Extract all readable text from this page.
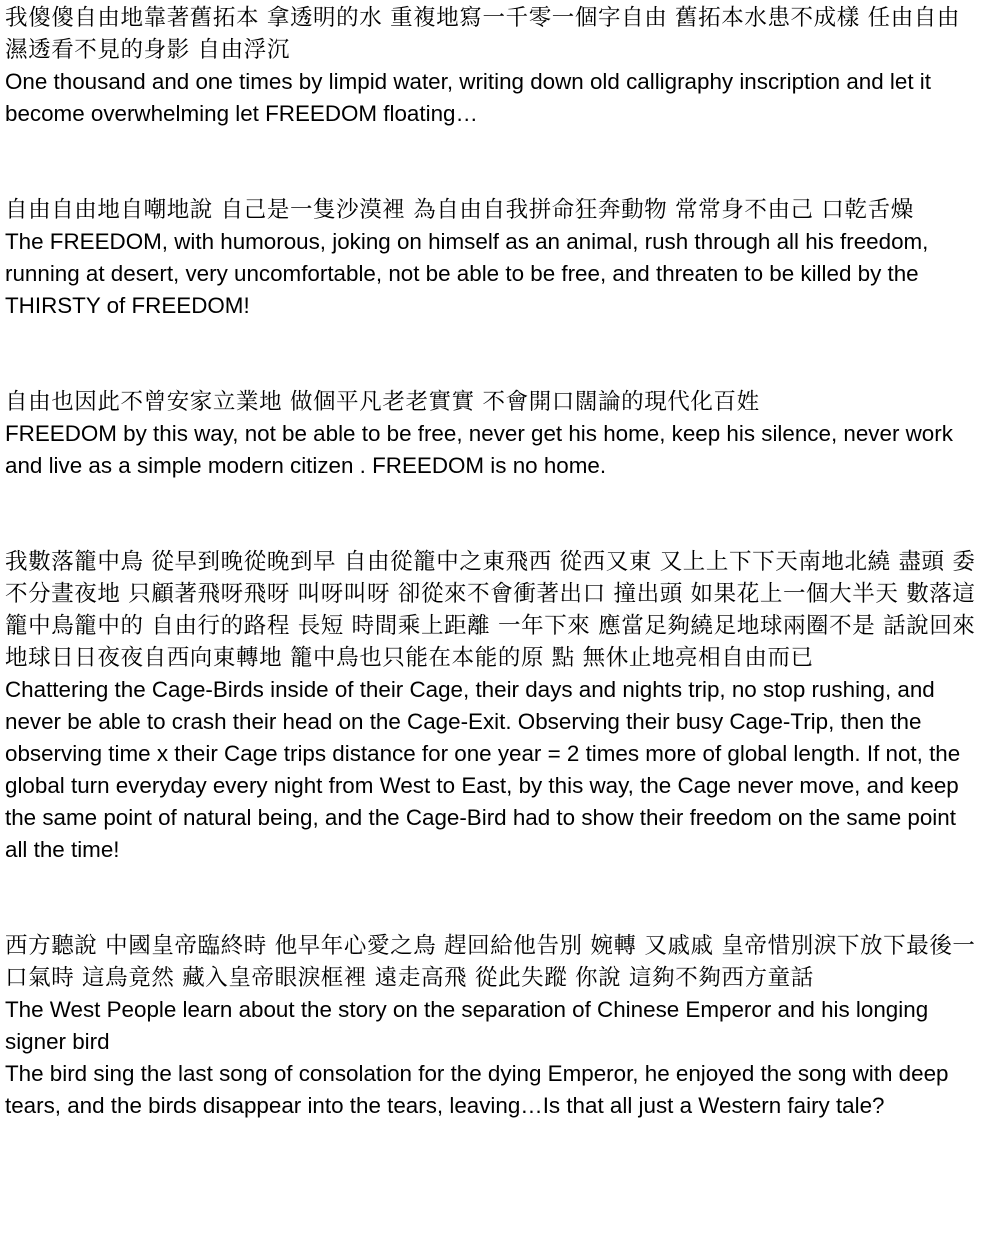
我傻傻自由地靠著舊拓本 拿透明的水 重複地寫一千零一個字自由 舊拓本水患不成樣 任由自由 濕透看不見的身影 自由浮沉

One thousand and one times by limpid water, writing down old calligraphy inscription and let it become overwhelming let FREEDOM floating…

自由自由地自嘲地說 自己是一隻沙漠裡 為自由自我拼命狂奔動物 常常身不由己 口乾舌燥

The FREEDOM, with humorous, joking on himself as an animal, rush through all his freedom, running at desert, very uncomfortable, not be able to be free, and threaten to be killed by the THIRSTY of FREEDOM!

自由也因此不曾安家立業地 做個平凡老老實實 不會開口闊論的現代化百姓

FREEDOM by this way, not be able to be free, never get his home, keep his silence, never work and live as a simple modern citizen . FREEDOM is no home.

我數落籠中鳥 從早到晚從晚到早 自由從籠中之東飛西 從西又東 又上上下下天南地北繞 盡頭 委不分晝夜地 只顧著飛呀飛呀 叫呀叫呀 卻從來不會衝著出口 撞出頭 如果花上一個大半天 數落這籠中鳥籠中的 自由行的路程 長短 時間乘上距離 一年下來 應當足夠繞足地球兩圈不是 話說回來 地球日日夜夜自西向東轉地 籠中鳥也只能在本能的原 點 無休止地亮相自由而已

Chattering the Cage-Birds inside of their Cage, their days and nights trip, no stop rushing, and never be able to crash their head on the Cage-Exit. Observing their busy Cage-Trip, then the observing time x their Cage trips distance for one year = 2 times more of global length. If not, the global turn everyday every night from West to East, by this way, the Cage never move, and keep the same point of natural being, and the Cage-Bird had to show their freedom on the same point all the time!

西方聽說 中國皇帝臨終時 他早年心愛之鳥 趕回給他告別 婉轉 又戚戚 皇帝惜別淚下放下最後一口氣時 這鳥竟然 藏入皇帝眼淚框裡 遠走高飛 從此失蹤 你說 這夠不夠西方童話

The West People learn about the story on the separation of Chinese Emperor and his longing signer bird

The bird sing the last song of consolation for the dying Emperor, he enjoyed the song with deep tears, and the birds disappear into the tears, leaving…Is that all just a Western fairy tale?
